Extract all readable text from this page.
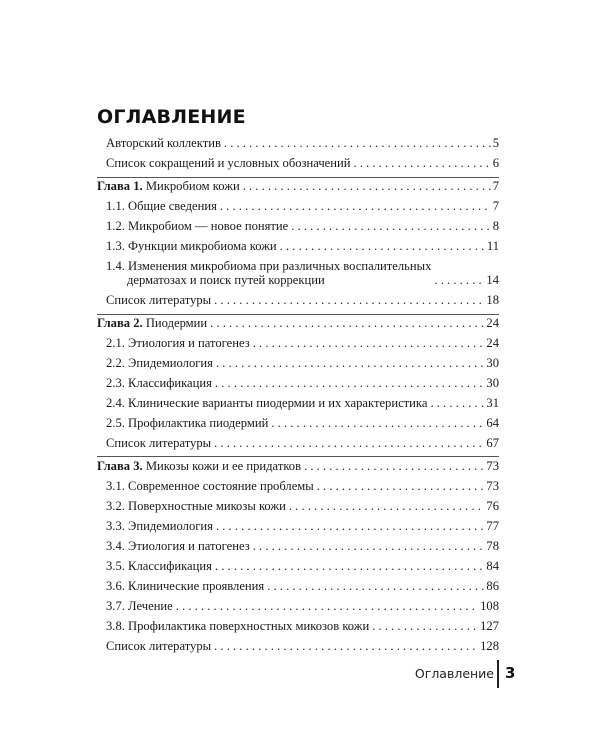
ОГЛАВЛЕНИЕ
Авторский коллектив . . .	5
Список сокращений и условных обозначений . . .	6
Глава 1. Микробиом кожи . . .	7
1.1. Общие сведения . . .	7
1.2. Микробиом — новое понятие . . .	8
1.3. Функции микробиома кожи . . .	11
1.4. Изменения микробиома при различных воспалительных
дерматозах и поиск путей коррекции . . .	14
Список литературы . . .	18
Глава 2. Пиодермии . . .	24
2.1. Этиология и патогенез . . .	24
2.2. Эпидемиология . . .	30
2.3. Классификация . . .	30
2.4. Клинические варианты пиодермии и их характеристика . . .	31
2.5. Профилактика пиодермий . . .	64
Список литературы . . .	67
Глава 3. Микозы кожи и ее придатков . . .	73
3.1. Современное состояние проблемы . . .	73
3.2. Поверхностные микозы кожи . . .	76
3.3. Эпидемиология . . .	77
3.4. Этиология и патогенез . . .	78
3.5. Классификация . . .	84
3.6. Клинические проявления . . .	86
3.7. Лечение . . .	108
3.8. Профилактика поверхностных микозов кожи . . .	127
Список литературы . . .	128
Оглавление 3
